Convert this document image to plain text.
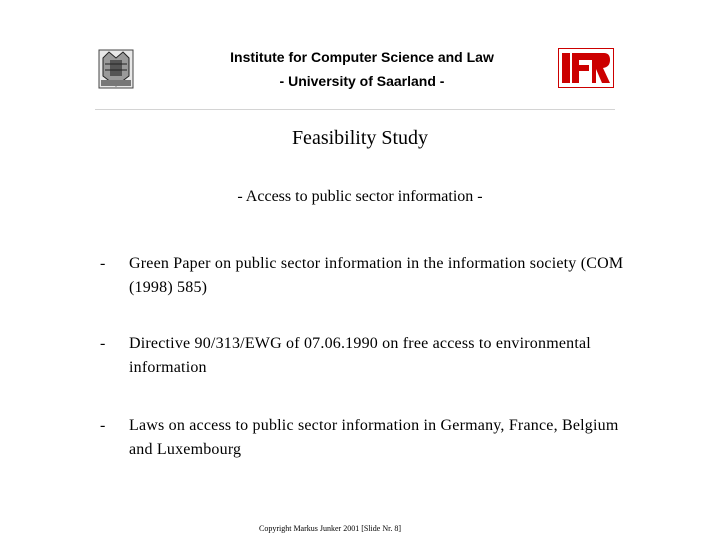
Institute for Computer Science and Law
- University of Saarland -
Feasibility Study
- Access to public sector information -
- Green Paper on public sector information in the information society (COM (1998) 585)
- Directive 90/313/EWG of 07.06.1990 on free access to environmental information
- Laws on access to public sector information in Germany, France, Belgium and Luxembourg
Copyright Markus Junker 2001 [Slide Nr. 8]
